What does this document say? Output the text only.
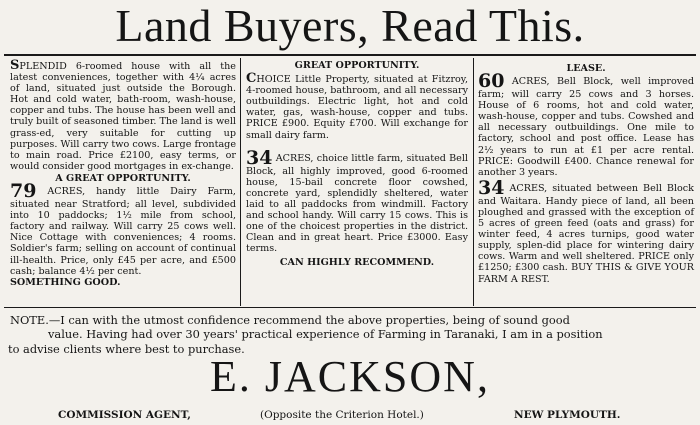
Land Buyers, Read This.

SPLENDID 6-roomed house with all the latest conveniences, together with 4¼ acres of land, situated just outside the Borough. Hot and cold water, bath-room, wash-house, copper and tubs. The house has been well and truly built of seasoned timber. The land is well grass-ed, very suitable for cutting up purposes. Will carry two cows. Large frontage to main road. Price £2100, easy terms, or would consider good mortgages in ex-change.

A GREAT OPPORTUNITY.

79 ACRES, handy little Dairy Farm, situated near Stratford; all level, subdivided into 10 paddocks; 1½ mile from school, factory and railway. Will carry 25 cows well. Nice Cottage with conveniences; 4 rooms. Soldier's farm; selling on account of continual ill-health. Price, only £45 per acre, and £500 cash; balance 4½ per cent.

SOMETHING GOOD.

GREAT OPPORTUNITY.

CHOICE Little Property, situated at Fitzroy, 4-roomed house, bathroom, and all necessary outbuildings. Electric light, hot and cold water, gas, wash-house, copper and tubs. PRICE £900. Equity £700. Will exchange for small dairy farm.

34 ACRES, choice little farm, situated Bell Block, all highly improved, good 6-roomed house, 15-bail concrete floor cowshed, concrete yard, splendidly sheltered, water laid to all paddocks from windmill. Factory and school handy. Will carry 15 cows. This is one of the choicest properties in the district. Clean and in great heart. Price £3000. Easy terms.

CAN HIGHLY RECOMMEND.

LEASE.

60 ACRES, Bell Block, well improved farm; will carry 25 cows and 3 horses. House of 6 rooms, hot and cold water, wash-house, copper and tubs. Cowshed and all necessary outbuildings. One mile to factory, school and post office. Lease has 2½ years to run at £1 per acre rental. PRICE: Goodwill £400. Chance renewal for another 3 years.

34 ACRES, situated between Bell Block and Waitara. Handy piece of land, all been ploughed and grassed with the exception of 5 acres of green feed (oats and grass) for winter feed, 4 acres turnips, good water supply, splen-did place for wintering dairy cows. Warm and well sheltered. PRICE only £1250; £300 cash. BUY THIS & GIVE YOUR FARM A REST.

NOTE.—I can with the utmost confidence recommend the above properties, being of sound good

value. Having had over 30 years' practical experience of Farming in Taranaki, I am in a position

to advise clients where best to purchase.

E. JACKSON,
COMMISSION AGENT,	(Opposite the Criterion Hotel.)	NEW PLYMOUTH.
